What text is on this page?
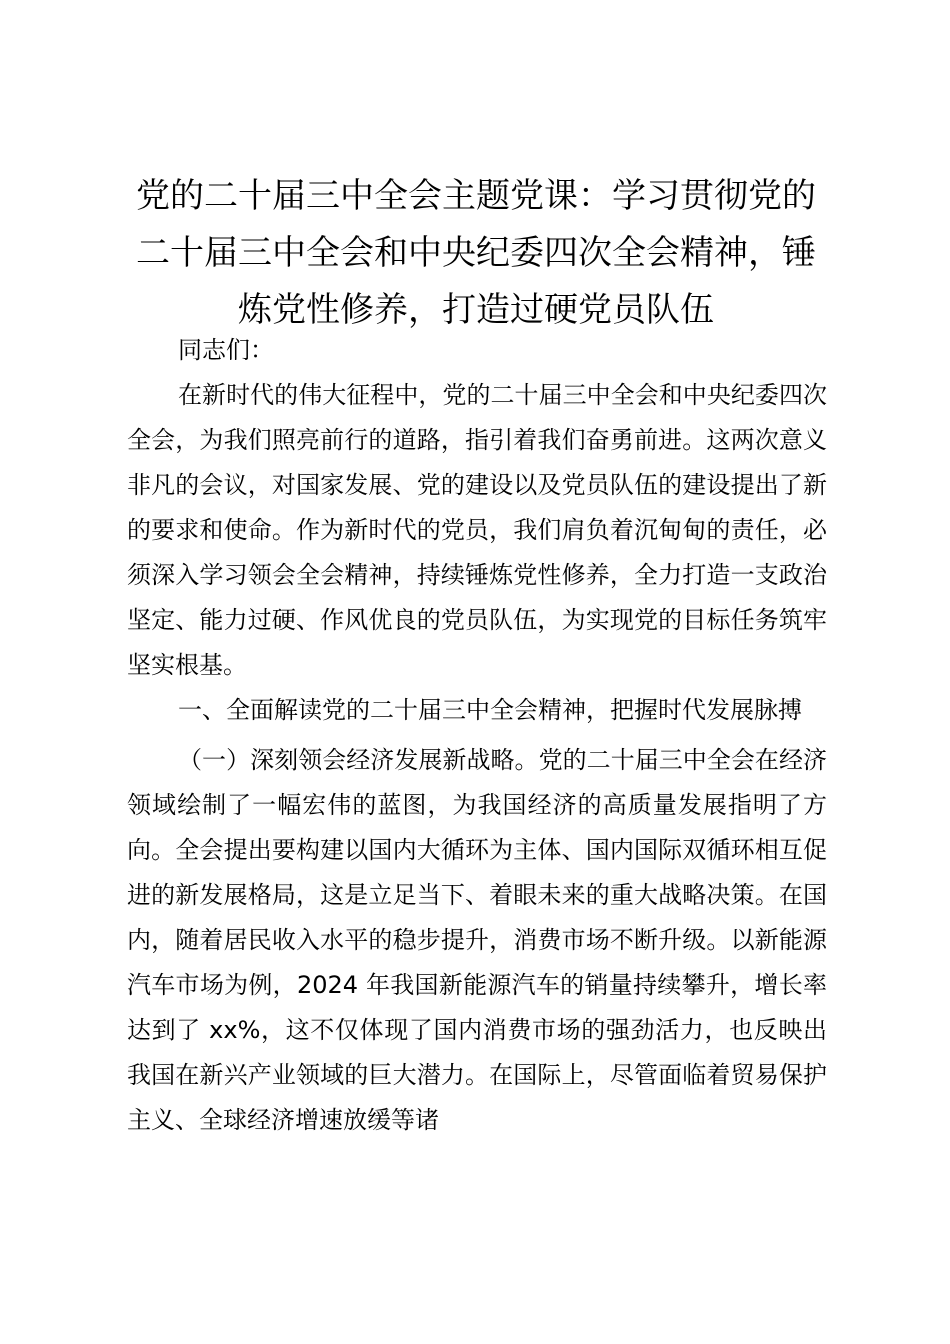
党的二十届三中全会主题党课：学习贯彻党的
二十届三中全会和中央纪委四次全会精神，锤
炼党性修养，打造过硬党员队伍

同志们：

在新时代的伟大征程中，党的二十届三中全会和中央纪委四次全会，为我们照亮前行的道路，指引着我们奋勇前进。这两次意义非凡的会议，对国家发展、党的建设以及党员队伍的建设提出了新的要求和使命。作为新时代的党员，我们肩负着沉甸甸的责任，必须深入学习领会全会精神，持续锤炼党性修养，全力打造一支政治坚定、能力过硬、作风优良的党员队伍，为实现党的目标任务筑牢坚实根基。

一、全面解读党的二十届三中全会精神，把握时代发展脉搏

（一）深刻领会经济发展新战略。党的二十届三中全会在经济领域绘制了一幅宏伟的蓝图，为我国经济的高质量发展指明了方向。全会提出要构建以国内大循环为主体、国内国际双循环相互促进的新发展格局，这是立足当下、着眼未来的重大战略决策。在国内，随着居民收入水平的稳步提升，消费市场不断升级。以新能源汽车市场为例，2024 年我国新能源汽车的销量持续攀升，增长率达到了 xx%，这不仅体现了国内消费市场的强劲活力，也反映出我国在新兴产业领域的巨大潜力。在国际上，尽管面临着贸易保护主义、全球经济增速放缓等诸
